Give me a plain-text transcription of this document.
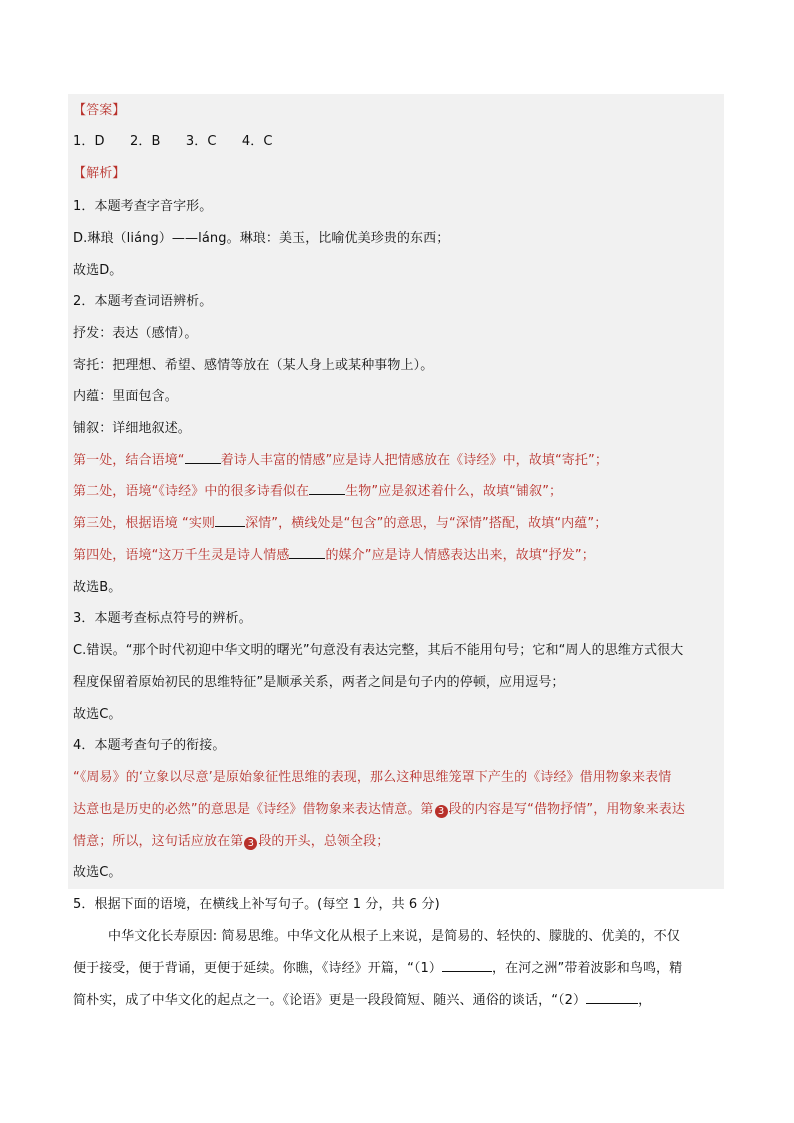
【答案】
1．D      2．B      3．C      4．C
【解析】
1．本题考查字音字形。
D.琳琅（liáng）——láng。琳琅：美玉，比喻优美珍贵的东西；
故选D。
2．本题考查词语辨析。
抒发：表达（感情）。
寄托：把理想、希望、感情等放在（某人身上或某种事物上）。
内蕴：里面包含。
铺叙：详细地叙述。
第一处，结合语境“	着诗人丰富的情感”应是诗人把情感放在《诗经》中，故填“寄托”；
第二处，语境“《诗经》中的很多诗看似在	生物”应是叙述着什么，故填“铺叙”；
第三处，根据语境 “实则 深情”，横线处是“包含”的意思，与“深情”搭配，故填“内蕴”；
第四处，语境“这万千生灵是诗人情感	的媒介”应是诗人情感表达出来，故填“抒发”；
故选B。
3．本题考查标点符号的辨析。
C.错误。“那个时代初迎中华文明的曙光”句意没有表达完整，其后不能用句号；它和“周人的思维方式很大
程度保留着原始初民的思维特征”是顺承关系，两者之间是句子内的停顿，应用逗号；
故选C。
4．本题考查句子的衔接。
“《周易》的‘立象以尽意’是原始象征性思维的表现，那么这种思维笼罩下产生的《诗经》借用物象来表情
达意也是历史的必然”的意思是《诗经》借物象来表达情意。第 3 段的内容是写“借物抒情”，用物象来表达
情意；所以，这句话应放在第 3 段的开头，总领全段；
故选C。
5．根据下面的语境，在横线上补写句子。(每空 1 分，共 6 分)
中华文化长寿原因: 简易思维。中华文化从根子上来说，是简易的、轻快的、朦胧的、优美的，不仅
便于接受，便于背诵，更便于延续。你瞧，《诗经》开篇，“（1）	，在河之洲”带着波影和鸟鸣，精
简朴实，成了中华文化的起点之一。《论语》更是一段段简短、随兴、通俗的谈话，“（2）	，
